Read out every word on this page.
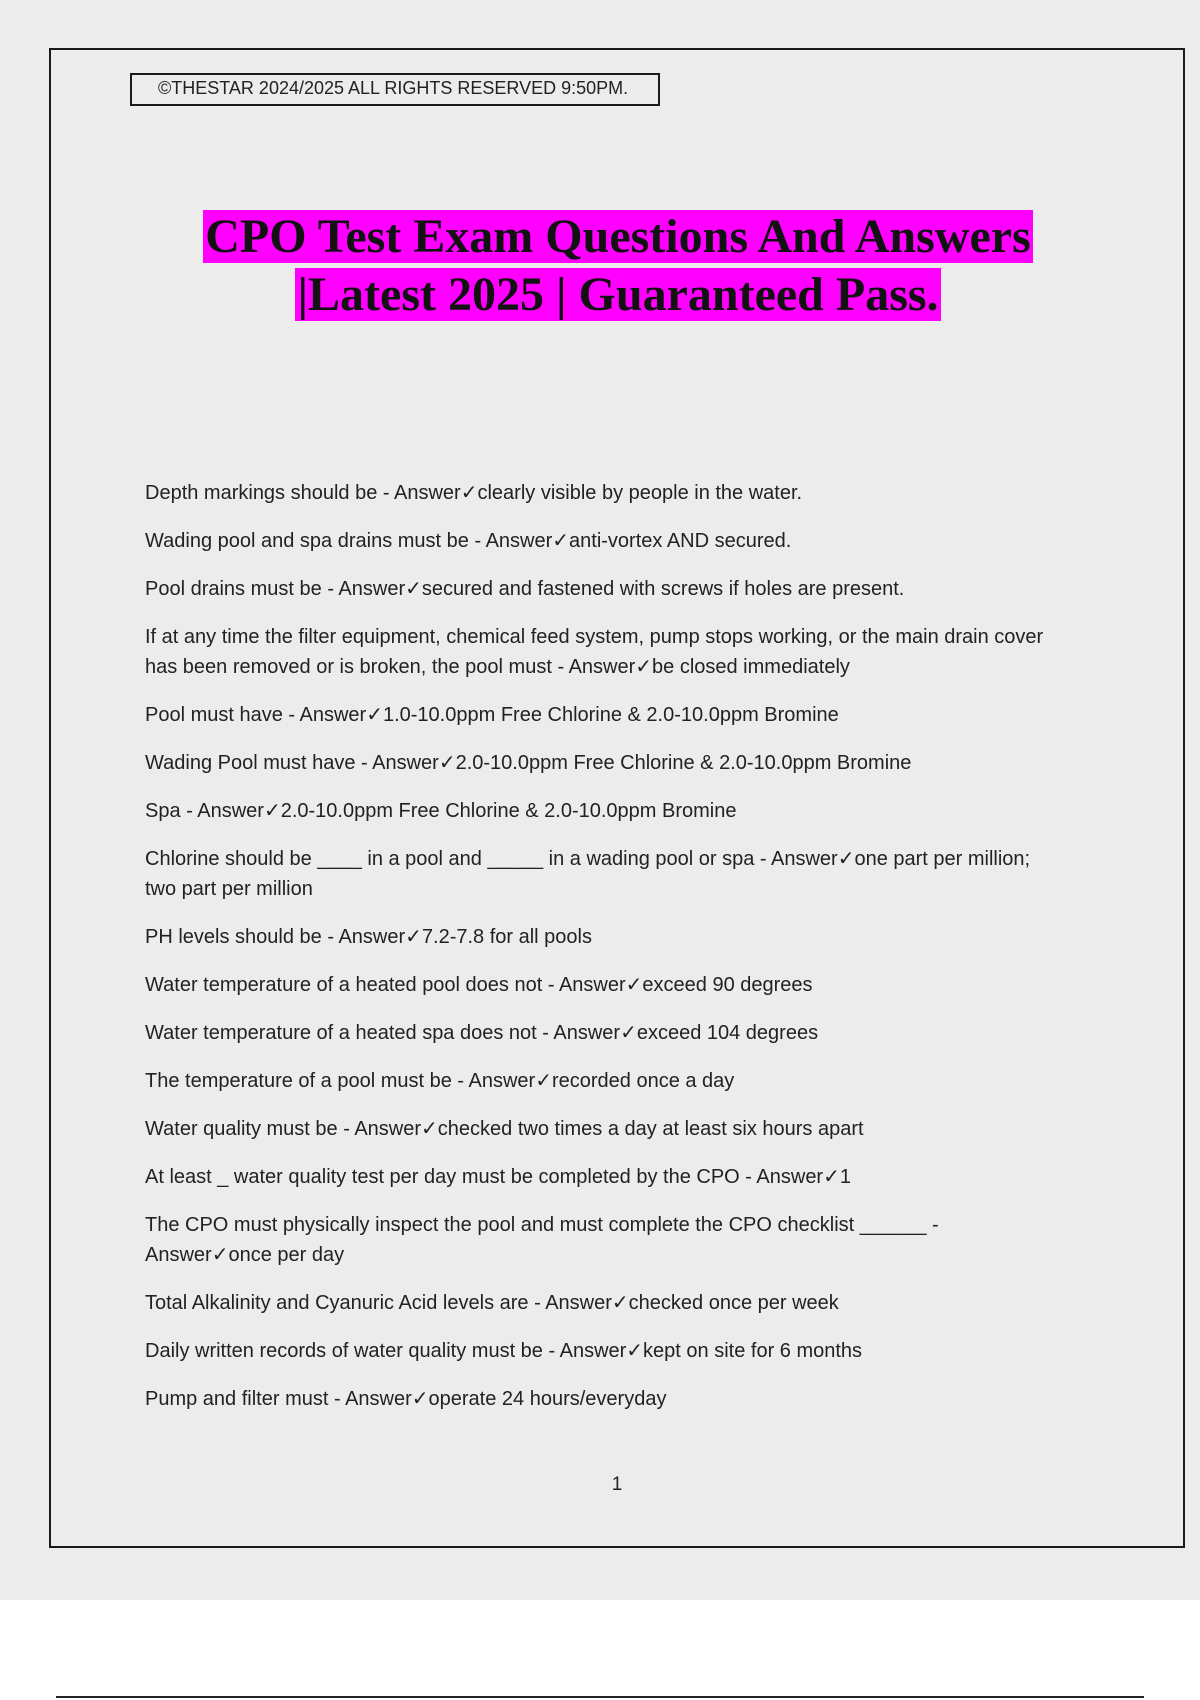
©THESTAR 2024/2025 ALL RIGHTS RESERVED 9:50PM.
CPO Test Exam Questions And Answers
|Latest 2025 | Guaranteed Pass.

Depth markings should be - Answer✓clearly visible by people in the water.

Wading pool and spa drains must be - Answer✓anti-vortex AND secured.

Pool drains must be - Answer✓secured and fastened with screws if holes are present.

If at any time the filter equipment, chemical feed system, pump stops working, or the main drain cover has been removed or is broken, the pool must - Answer✓be closed immediately

Pool must have - Answer✓1.0-10.0ppm Free Chlorine & 2.0-10.0ppm Bromine

Wading Pool must have - Answer✓2.0-10.0ppm Free Chlorine & 2.0-10.0ppm Bromine

Spa - Answer✓2.0-10.0ppm Free Chlorine & 2.0-10.0ppm Bromine

Chlorine should be ____ in a pool and _____ in a wading pool or spa - Answer✓one part per million; two part per million

PH levels should be - Answer✓7.2-7.8 for all pools

Water temperature of a heated pool does not - Answer✓exceed 90 degrees

Water temperature of a heated spa does not - Answer✓exceed 104 degrees

The temperature of a pool must be - Answer✓recorded once a day

Water quality must be - Answer✓checked two times a day at least six hours apart

At least _ water quality test per day must be completed by the CPO - Answer✓1

The CPO must physically inspect the pool and must complete the CPO checklist ______ - Answer✓once per day

Total Alkalinity and Cyanuric Acid levels are - Answer✓checked once per week

Daily written records of water quality must be - Answer✓kept on site for 6 months

Pump and filter must - Answer✓operate 24 hours/everyday

1
